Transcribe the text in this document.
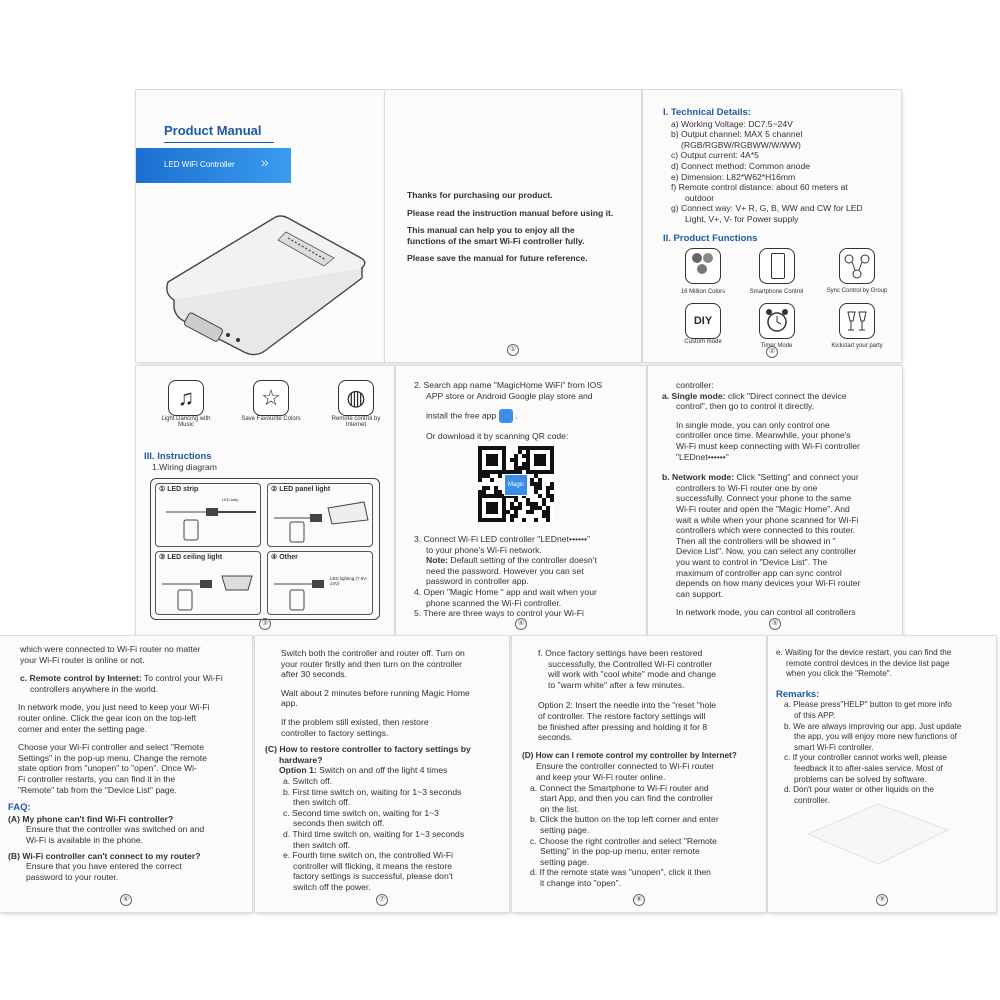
Product Manual
LED WiFi Controller »

Thanks for purchasing our product.

Please read the instruction manual before using it.

This manual can help you to enjoy all the

functions of the smart Wi-Fi controller fully.

Please save the manual for future reference.

①

I. Technical Details:

a) Working Voltage: DC7.5~24V

b) Output channel: MAX 5 channel

(RGB/RGBW/RGBWW/W/WW)

c) Output current: 4A*5

d) Connect method: Common anode

e) Dimension: L82*W62*H16mm

f) Remote control distance: about 60 meters at

outdoor

g) Connect way: V+ R, G, B, WW and CW for LED

Light, V+, V- for Power supply

II. Product Functions

16 Million Colors	Smartphone Control	Sync Control by Group
DIY
Custom mode
Timer Mode	Kickstart your party
②
♫
Light Dancing with Music
☆
Save Favourite Colors
◍
Remote control by Internet

III. Instructions

1.Wiring diagram

① LED strip
LED strip
② LED panel light
③ LED ceiling light	④ Other
LED lighting (7.5V-24V)
③

2. Search app name "MagicHome WiFi" from IOS

APP store or Android Google play store and

install the free app  .

Or download it by scanning QR code:

Magic

3. Connect Wi-Fi LED controller "LEDnet••••••"

to your phone's Wi-Fi network.

Note: Default setting of the controller doesn't

need the password. However you can set

password in controller app.

4. Open "Magic Home " app and wait when your

phone scanned the Wi-Fi controller.

5. There are three ways to control your Wi-Fi

④

controller:

a. Single mode: click "Direct connect the device

control", then go to control it directly.

In single mode, you can only control one

controller once time. Meanwhile, your phone's

Wi-Fi must keep connecting with Wi-Fi controller

"LEDnet••••••"

b. Network mode: Click "Setting" and connect your

controllers to Wi-Fi router one by one

successfully. Connect your phone to the same

Wi-Fi router and open the "Magic Home". And

wait a while when your phone scanned for Wi-Fi

controllers which were connected to this router.

Then all the controllers will be showed in "

Device List". Now, you can select any controller

you want to control in "Device List". The

maximum of controller app can sync control

depends on how many devices your Wi-Fi router

can support.

In network mode, you can control all controllers

⑤

which were connected to Wi-Fi router no matter

your Wi-Fi router is online or not.

c. Remote control by Internet: To control your Wi-Fi

controllers anywhere in the world.

In network mode, you just need to keep your Wi-Fi

router online. Click the gear icon on the top-left

corner and enter the setting page.

Choose your Wi-Fi controller and select "Remote

Settings" in the pop-up menu. Change the remote

state option from "unopen" to "open". Once Wi-

Fi controller restarts, you can find it in the

"Remote" tab from the "Device List" page.

FAQ:

(A) My phone can't find Wi-Fi controller?

Ensure that the controller was switched on and

Wi-Fi is available in the phone.

(B) Wi-Fi controller can't connect to my router?

Ensure that you have entered the correct

password to your router.

⑥

Switch both the controller and router off. Turn on

your router firstly and then turn on the controller

after 30 seconds.

Wait about 2 minutes before running Magic Home

app.

If the problem still existed, then restore

controller to factory settings.

(C) How to restore controller to factory settings by

hardware?

Option 1: Switch on and off the light 4 times

a. Switch off.

b. First time switch on, waiting for 1~3 seconds

then switch off.

c. Second time switch on, waiting for 1~3

seconds then switch off.

d. Third time switch on, waiting for 1~3 seconds

then switch off.

e. Fourth time switch on, the controlled Wi-Fi

controller will flicking, it means the restore

factory settings is successful, please don't

switch off the power.

⑦

f. Once factory settings have been restored

successfully, the Controlled Wi-Fi controller

will work with "cool white" mode and change

to "warm white" after a few minutes.

Option 2: Insert the needle into the "reset "hole

of controller. The restore factory settings will

be finished after pressing and holding it for 8

seconds.

(D) How can I remote control my controller by Internet?

Ensure the controller connected to Wi-Fi router

and keep your Wi-Fi router online.

a. Connect the Smartphone to Wi-Fi router and

start App, and then you can find the controller

on the list.

b. Click the button on the top left corner and enter

setting page.

c. Choose the right controller and select "Remote

Setting" in the pop-up menu, enter remote

setting page.

d. If the remote state was "unopen", click it then

it change into "open".

⑧

e. Waiting for the device restart, you can find the

remote control devices in the device list page

when you click the "Remote".

Remarks:

a. Please press"HELP" button to get more info

of this APP.

b. We are always improving our app. Just update

the app, you will enjoy more new functions of

smart Wi-Fi controller.

c. If your controller cannot works well, please

feedback it to after-sales service. Most of

problems can be solved by software.

d. Don't pour water or other liquids on the

controller.

⑨
